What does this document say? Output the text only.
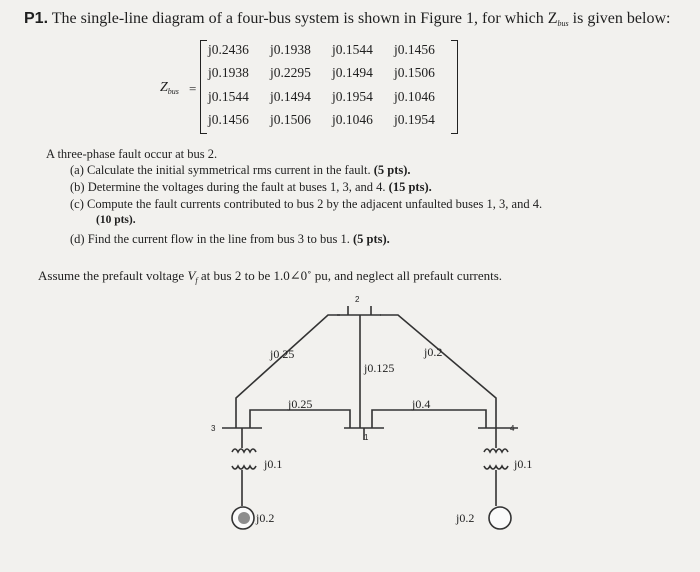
P1. The single-line diagram of a four-bus system is shown in Figure 1, for which $Z_{bus}$ is given below:
$Z_{bus}$ =
j0.2436 j0.1938 j0.1544 j0.1456
j0.1938 j0.2295 j0.1494 j0.1506
j0.1544 j0.1494 j0.1954 j0.1046
j0.1456 j0.1506 j0.1046 j0.1954
A three-phase fault occur at bus 2.
(a) Calculate the initial symmetrical rms current in the fault. (5 pts).
(b) Determine the voltages during the fault at buses 1, 3, and 4. (15 pts).
(c) Compute the fault currents contributed to bus 2 by the adjacent unfaulted buses 1, 3, and 4.
(10 pts).
(d) Find the current flow in the line from bus 3 to bus 1. (5 pts).
Assume the prefault voltage $V_f$ at bus 2 to be 1.0∠0˚ pu, and neglect all prefault currents.
2
3	4
1
j0.25	j0.2
j0.125
j0.25	j0.4
j0.1	j0.1
j0.2	j0.2
